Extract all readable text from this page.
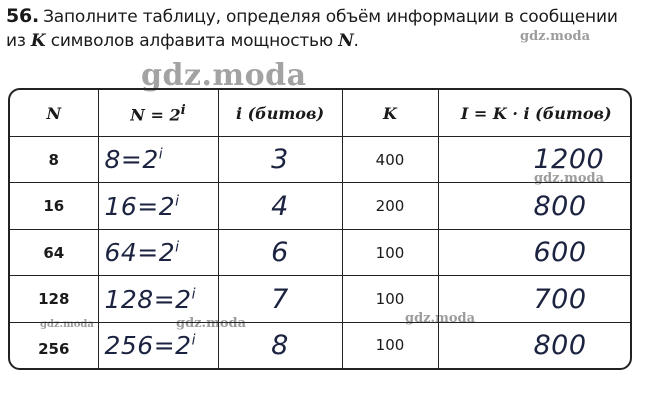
56. Заполните таблицу, определяя объём информации в сообщении из K символов алфавита мощностью N.
gdz.moda
gdz.moda
gdz.moda
gdz.moda
gdz.moda
gdz.moda
N	$N = 2^i$	i (битов)	K	I = K · i (битов)
8	$8=2^i$	3	400	1200
16	$16=2^i$	4	200	800
64	$64=2^i$	6	100	600
128	$128=2^i$	7	100	700
256	$256=2^i$	8	100	800
